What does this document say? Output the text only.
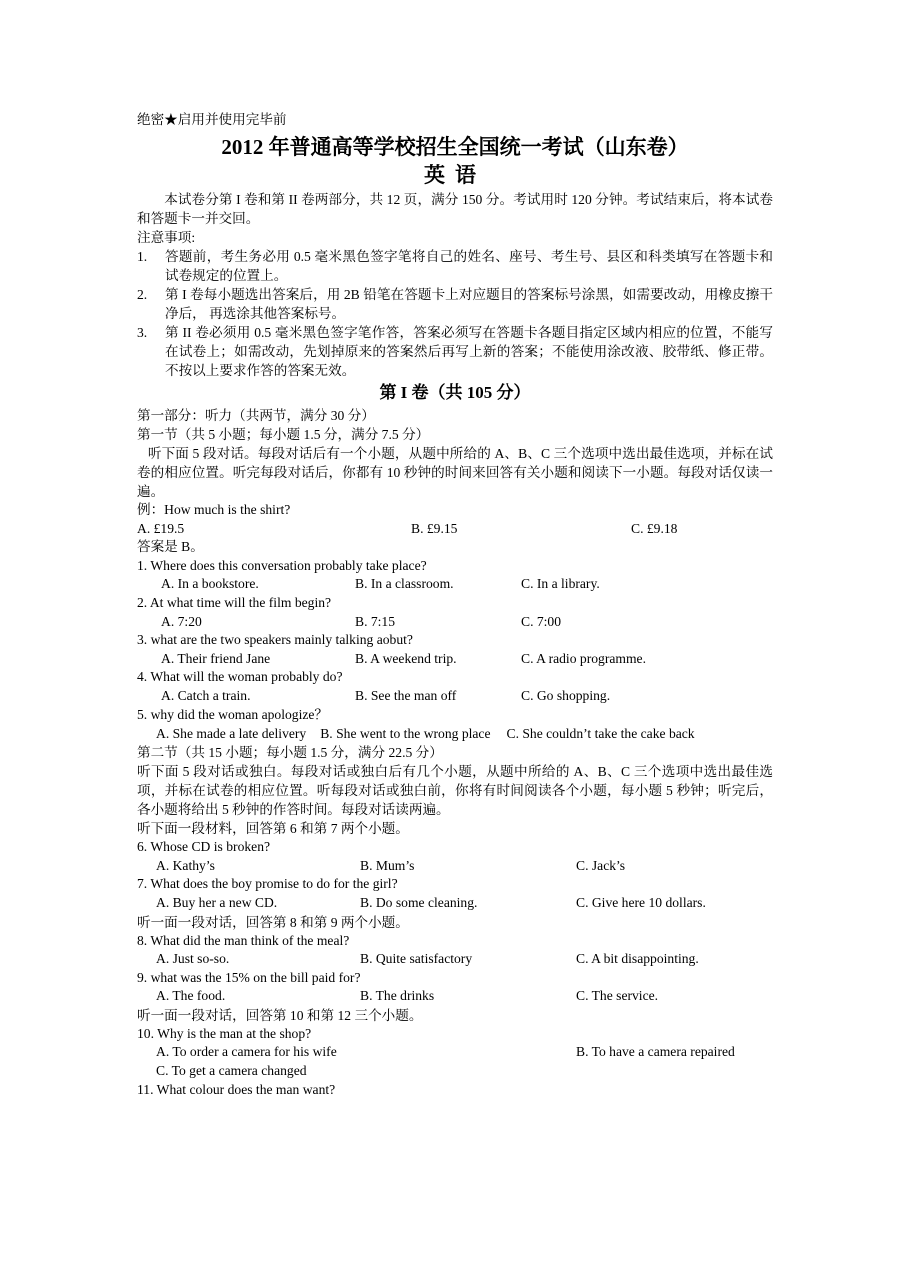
绝密★启用并使用完毕前
2012 年普通高等学校招生全国统一考试（山东卷）
英语
本试卷分第 I 卷和第 II 卷两部分，共 12 页，满分 150 分。考试用时 120 分钟。考试结束后，将本试卷和答题卡一并交回。
注意事项:
1. 答题前，考生务必用 0.5 毫米黑色签字笔将自己的姓名、座号、考生号、县区和科类填写在答题卡和试卷规定的位置上。
2. 第 I 卷每小题选出答案后，用 2B 铅笔在答题卡上对应题目的答案标号涂黑，如需要改动，用橡皮擦干净后， 再选涂其他答案标号。
3. 第 II 卷必须用 0.5 毫米黑色签字笔作答，答案必须写在答题卡各题目指定区域内相应的位置，不能写在试卷上；如需改动，先划掉原来的答案然后再写上新的答案；不能使用涂改液、胶带纸、修正带。不按以上要求作答的答案无效。
第 I 卷（共 105 分）
第一部分：听力（共两节，满分 30 分）
第一节（共 5 小题；每小题 1.5 分，满分 7.5 分）
听下面 5 段对话。每段对话后有一个小题，从题中所给的 A、B、C 三个选项中选出最佳选项，并标在试卷的相应位置。听完每段对话后，你都有 10 秒钟的时间来回答有关小题和阅读下一小题。每段对话仅读一遍。
例：How much is the shirt?
A. £19.5	B. £9.15	C. £9.18
答案是 B。
1. Where does this conversation probably take place?
A. In a bookstore.	B. In a classroom.	C. In a library.
2. At what time will the film begin?
A. 7:20	B. 7:15	C. 7:00
3. what are the two speakers mainly talking aobut?
A. Their friend Jane	B. A weekend trip.	C. A radio programme.
4. What will the woman probably do?
A. Catch a train.	B. See the man off	C. Go shopping.
5. why did the woman apologize？
A. She made a late delivery B. She went to the wrong place C. She couldn’t take the cake back
第二节（共 15 小题；每小题 1.5 分，满分 22.5 分）
听下面 5 段对话或独白。每段对话或独白后有几个小题，从题中所给的 A、B、C 三个选项中选出最佳选项，并标在试卷的相应位置。听每段对话或独白前，你将有时间阅读各个小题，每小题 5 秒钟；听完后，各小题将给出 5 秒钟的作答时间。每段对话读两遍。
听下面一段材料，回答第 6 和第 7 两个小题。
6. Whose CD is broken?
A. Kathy’s	B. Mum’s	C. Jack’s
7. What does the boy promise to do for the girl?
A. Buy her a new CD.	B. Do some cleaning.	C. Give here 10 dollars.
听一面一段对话，回答第 8 和第 9 两个小题。
8. What did the man think of the meal?
A. Just so-so.	B. Quite satisfactory	C. A bit disappointing.
9. what was the 15% on the bill paid for?
A. The food.	B. The drinks	C. The service.
听一面一段对话，回答第 10 和第 12 三个小题。
10. Why is the man at the shop?
A. To order a camera for his wife	B. To have a camera repaired
C. To get a camera changed
11. What colour does the man want?
